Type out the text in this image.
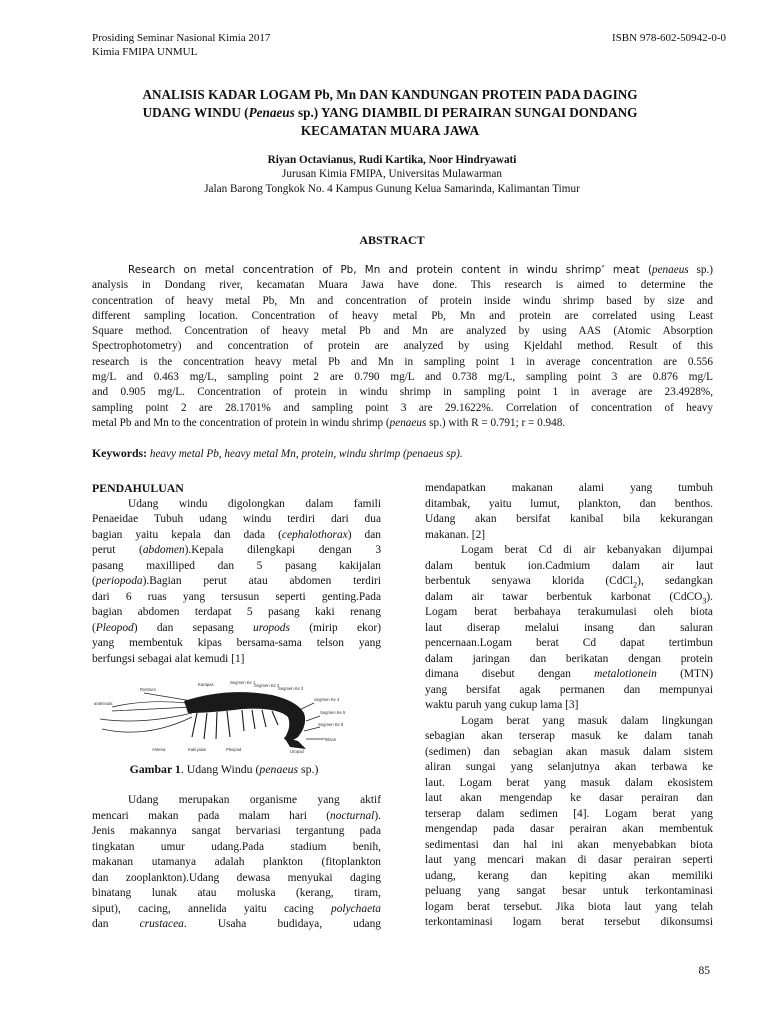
Prosiding Seminar Nasional Kimia 2017
Kimia FMIPA UNMUL
ISBN 978-602-50942-0-0
ANALISIS KADAR LOGAM Pb, Mn DAN KANDUNGAN PROTEIN PADA DAGING
UDANG WINDU (Penaeus sp.) YANG DIAMBIL DI PERAIRAN SUNGAI DONDANG
KECAMATAN MUARA JAWA
Riyan Octavianus, Rudi Kartika, Noor Hindryawati
Jurusan Kimia FMIPA, Universitas Mulawarman
Jalan Barong Tongkok No. 4 Kampus Gunung Kelua Samarinda, Kalimantan Timur
ABSTRACT
Research on metal concentration of Pb, Mn and protein content in windu shrimp’ meat (penaeus sp.)
analysis in Dondang river, kecamatan Muara Jawa have done. This research is aimed to determine the
concentration of heavy metal Pb, Mn and concentration of protein inside windu shrimp based by size and
different sampling location. Concentration of heavy metal Pb, Mn and protein are correlated using Least
Square method. Concentration of heavy metal Pb and Mn are analyzed by using AAS (Atomic Absorption
Spectrophotometry) and concentration of protein are analyzed by using Kjeldahl method. Result of this
research is the concentration heavy metal Pb and Mn in sampling point 1 in average concentration are 0.556
mg/L and 0.463 mg/L, sampling point 2 are 0.790 mg/L and 0.738 mg/L, sampling point 3 are 0.876 mg/L
and 0.905 mg/L. Concentration of protein in windu shrimp in sampling point 1 in average are 23.4928%,
sampling point 2 are 28.1701% and sampling point 3 are 29.1622%. Correlation of concentration of heavy
metal Pb and Mn to the concentration of protein in windu shrimp (penaeus sp.) with R = 0.791; r = 0.948.
Keywords: heavy metal Pb, heavy metal Mn, protein, windu shrimp (penaeus sp).
PENDAHULUAN
Udang windu digolongkan dalam famili
Penaeidae Tubuh udang windu terdiri dari dua
bagian yaitu kepala dan dada (cephalothorax) dan
perut (abdomen).Kepala dilengkapi dengan 3
pasang maxilliped dan 5 pasang kakijalan
(periopoda).Bagian perut atau abdomen terdiri
dari 6 ruas yang tersusun seperti genting.Pada
bagian abdomen terdapat 5 pasang kaki renang
(Pleopod) dan sepasang uropods (mirip ekor)
yang membentuk kipas bersama-sama telson yang
berfungsi sebagai alat kemudi [1]
Rostrum
Karapas	Segmen Ke 1
Segmen Ke 2
Segmen Ke 3
Segmen Ke 4
Segmen Ke 5
Segmen Ke 6
antennula
Antena	Kaki jalan	Pleopod	Uropod
Telson
Gambar 1. Udang Windu (penaeus sp.)
Udang merupakan organisme yang aktif
mencari makan pada malam hari (nocturnal).
Jenis makannya sangat bervariasi tergantung pada
tingkatan umur udang.Pada stadium benih,
makanan utamanya adalah plankton (fitoplankton
dan zooplankton).Udang dewasa menyukai daging
binatang lunak atau moluska (kerang, tiram,
siput), cacing, annelida yaitu cacing polychaeta
dan crustacea. Usaha budidaya, udang
mendapatkan makanan alami yang tumbuh
ditambak, yaitu lumut, plankton, dan benthos.
Udang akan bersifat kanibal bila kekurangan
makanan. [2]
Logam berat Cd di air kebanyakan dijumpai
dalam bentuk ion.Cadmium dalam air laut
berbentuk senyawa klorida (CdCl$_2$), sedangkan
dalam air tawar berbentuk karbonat (CdCO$_3$).
Logam berat berbahaya terakumulasi oleh biota
laut diserap melalui insang dan saluran
pencernaan.Logam berat Cd dapat tertimbun
dalam jaringan dan berikatan dengan protein
dimana disebut dengan metalotionein (MTN)
yang bersifat agak permanen dan mempunyai
waktu paruh yang cukup lama [3]
Logam berat yang masuk dalam lingkungan
sebagian akan terserap masuk ke dalam tanah
(sedimen) dan sebagian akan masuk dalam sistem
aliran sungai yang selanjutnya akan terbawa ke
laut. Logam berat yang masuk dalam ekosistem
laut akan mengendap ke dasar perairan dan
terserap dalam sedimen [4]. Logam berat yang
mengendap pada dasar perairan akan membentuk
sedimentasi dan hal ini akan menyebabkan biota
laut yang mencari makan di dasar perairan seperti
udang, kerang dan kepiting akan memiliki
peluang yang sangat besar untuk terkontaminasi
logam berat tersebut. Jika biota laut yang telah
terkontaminasi logam berat tersebut dikonsumsi
85
